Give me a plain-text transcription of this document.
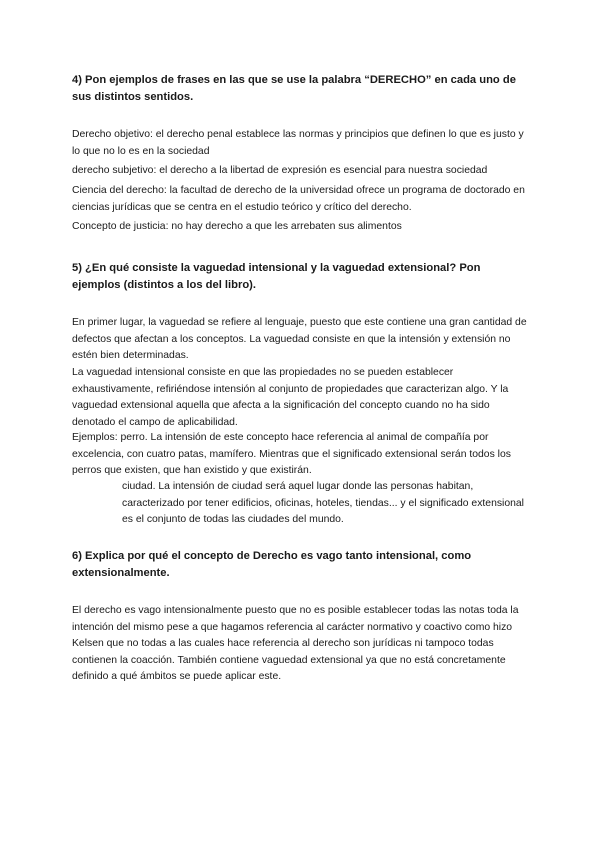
4) Pon ejemplos de frases en las que se use la palabra “DERECHO” en cada uno de sus distintos sentidos.

Derecho objetivo: el derecho penal establece las normas y principios que definen lo que es justo y lo que no lo es en la sociedad

derecho subjetivo: el derecho a la libertad de expresión es esencial para nuestra sociedad

Ciencia del derecho: la facultad de derecho de la universidad ofrece un programa de doctorado en ciencias jurídicas que se centra en el estudio teórico y crítico del derecho.

Concepto de justicia: no hay derecho a que les arrebaten sus alimentos

5) ¿En qué consiste la vaguedad intensional y la vaguedad extensional? Pon ejemplos (distintos a los del libro).

En primer lugar, la vaguedad se refiere al lenguaje, puesto que este contiene una gran cantidad de defectos que afectan a los conceptos. La vaguedad consiste en que la intensión y extensión no estén bien determinadas.

La vaguedad intensional consiste en que las propiedades no se pueden establecer exhaustivamente, refiriéndose intensión al conjunto de propiedades que caracterizan algo. Y la vaguedad extensional aquella que afecta a la significación del concepto cuando no ha sido denotado el campo de aplicabilidad.

Ejemplos: perro. La intensión de este concepto hace referencia al animal de compañía por excelencia, con cuatro patas, mamífero. Mientras que el significado extensional serán todos los perros que existen, que han existido y que existirán.

ciudad. La intensión de ciudad será aquel lugar donde las personas habitan, caracterizado por tener edificios, oficinas, hoteles, tiendas... y el significado extensional es el conjunto de todas las ciudades del mundo.

6) Explica por qué el concepto de Derecho es vago tanto intensional, como extensionalmente.

El derecho es vago intensionalmente puesto que no es posible establecer todas las notas toda la intención del mismo pese a que hagamos referencia al carácter normativo y coactivo como hizo Kelsen que no todas a las cuales hace referencia al derecho son jurídicas ni tampoco todas contienen la coacción. También contiene vaguedad extensional ya que no está concretamente definido a qué ámbitos se puede aplicar este.
